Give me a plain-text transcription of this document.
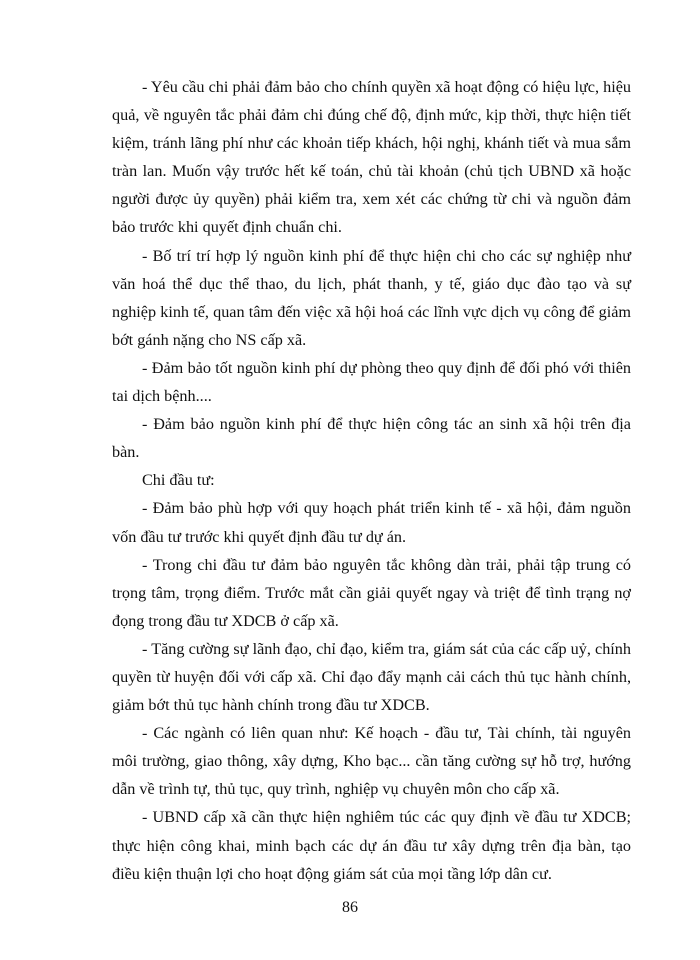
- Yêu cầu chi phải đảm bảo cho chính quyền xã hoạt động có hiệu lực, hiệu quả, về nguyên tắc phải đảm chi đúng chế độ, định mức, kịp thời, thực hiện tiết kiệm, tránh lãng phí như các khoản tiếp khách, hội nghị, khánh tiết và mua sắm tràn lan. Muốn vậy trước hết kế toán, chủ tài khoản (chủ tịch UBND xã hoặc người được ủy quyền) phải kiểm tra, xem xét các chứng từ chi và nguồn đảm bảo trước khi quyết định chuẩn chi.

- Bố trí trí hợp lý nguồn kinh phí để thực hiện chi cho các sự nghiệp như văn hoá thể dục thể thao, du lịch, phát thanh, y tế, giáo dục đào tạo và sự nghiệp kinh tế, quan tâm đến việc xã hội hoá các lĩnh vực dịch vụ công để giảm bớt gánh nặng cho NS cấp xã.

- Đảm bảo tốt nguồn kinh phí dự phòng theo quy định để đối phó với thiên tai dịch bệnh....

- Đảm bảo nguồn kinh phí để thực hiện công tác an sinh xã hội trên địa bàn.

Chi đầu tư:

- Đảm bảo phù hợp với quy hoạch phát triển kinh tế - xã hội, đảm nguồn vốn đầu tư trước khi quyết định đầu tư dự án.

- Trong chi đầu tư đảm bảo nguyên tắc không dàn trải, phải tập trung có trọng tâm, trọng điểm. Trước mắt cần giải quyết ngay và triệt để tình trạng nợ đọng trong đầu tư XDCB ở cấp xã.

- Tăng cường sự lãnh đạo, chỉ đạo, kiểm tra, giám sát của các cấp uỷ, chính quyền từ huyện đối với cấp xã. Chỉ đạo đẩy mạnh cải cách thủ tục hành chính, giảm bớt thủ tục hành chính trong đầu tư XDCB.

- Các ngành có liên quan như: Kế hoạch - đầu tư, Tài chính, tài nguyên môi trường, giao thông, xây dựng, Kho bạc... cần tăng cường sự hỗ trợ, hướng dẫn về trình tự, thủ tục, quy trình, nghiệp vụ chuyên môn cho cấp xã.

- UBND cấp xã cần thực hiện nghiêm túc các quy định về đầu tư XDCB; thực hiện công khai, minh bạch các dự án đầu tư xây dựng trên địa bàn, tạo điều kiện thuận lợi cho hoạt động giám sát của mọi tầng lớp dân cư.

86
